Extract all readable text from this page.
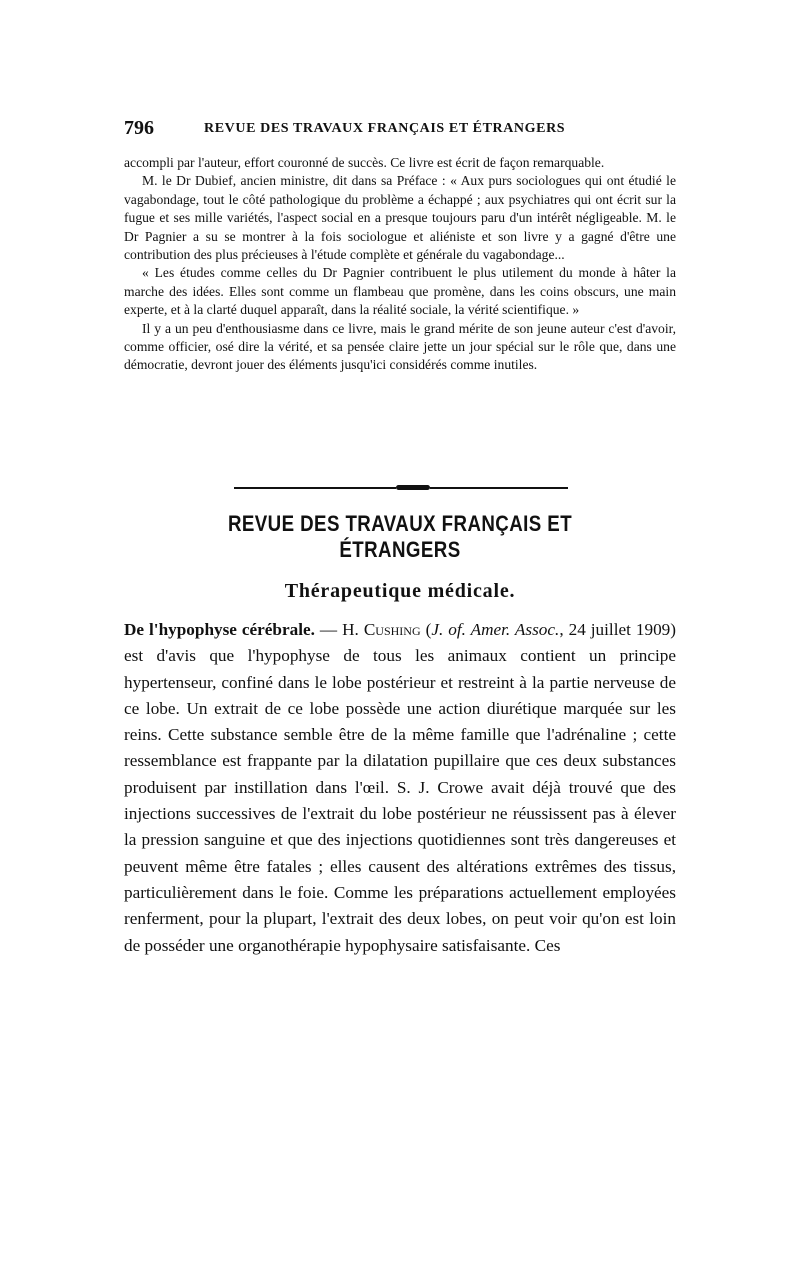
796	REVUE DES TRAVAUX FRANÇAIS ET ÉTRANGERS

accompli par l'auteur, effort couronné de succès. Ce livre est écrit de façon remarquable.

M. le Dr Dubief, ancien ministre, dit dans sa Préface : « Aux purs sociologues qui ont étudié le vagabondage, tout le côté pathologique du problème a échappé ; aux psychiatres qui ont écrit sur la fugue et ses mille variétés, l'aspect social en a presque toujours paru d'un intérêt négligeable. M. le Dr Pagnier a su se montrer à la fois sociologue et aliéniste et son livre y a gagné d'être une contribution des plus précieuses à l'étude complète et générale du vagabondage...

« Les études comme celles du Dr Pagnier contribuent le plus utilement du monde à hâter la marche des idées. Elles sont comme un flambeau que promène, dans les coins obscurs, une main experte, et à la clarté duquel apparaît, dans la réalité sociale, la vérité scientifique. »

Il y a un peu d'enthousiasme dans ce livre, mais le grand mérite de son jeune auteur c'est d'avoir, comme officier, osé dire la vérité, et sa pensée claire jette un jour spécial sur le rôle que, dans une démocratie, devront jouer des éléments jusqu'ici considérés comme inutiles.

REVUE DES TRAVAUX FRANÇAIS ET ÉTRANGERS
Thérapeutique médicale.
De l'hypophyse cérébrale. — H. Cushing (J. of. Amer. Assoc., 24 juillet 1909) est d'avis que l'hypophyse de tous les animaux contient un principe hypertenseur, confiné dans le lobe postérieur et restreint à la partie nerveuse de ce lobe. Un extrait de ce lobe possède une action diurétique marquée sur les reins. Cette substance semble être de la même famille que l'adrénaline ; cette ressemblance est frappante par la dilatation pupillaire que ces deux substances produisent par instillation dans l'œil. S. J. Crowe avait déjà trouvé que des injections successives de l'extrait du lobe postérieur ne réussissent pas à élever la pression sanguine et que des injections quotidiennes sont très dangereuses et peuvent même être fatales ; elles causent des altérations extrêmes des tissus, particulièrement dans le foie. Comme les préparations actuellement employées renferment, pour la plupart, l'extrait des deux lobes, on peut voir qu'on est loin de posséder une organothérapie hypophysaire satisfaisante. Ces
